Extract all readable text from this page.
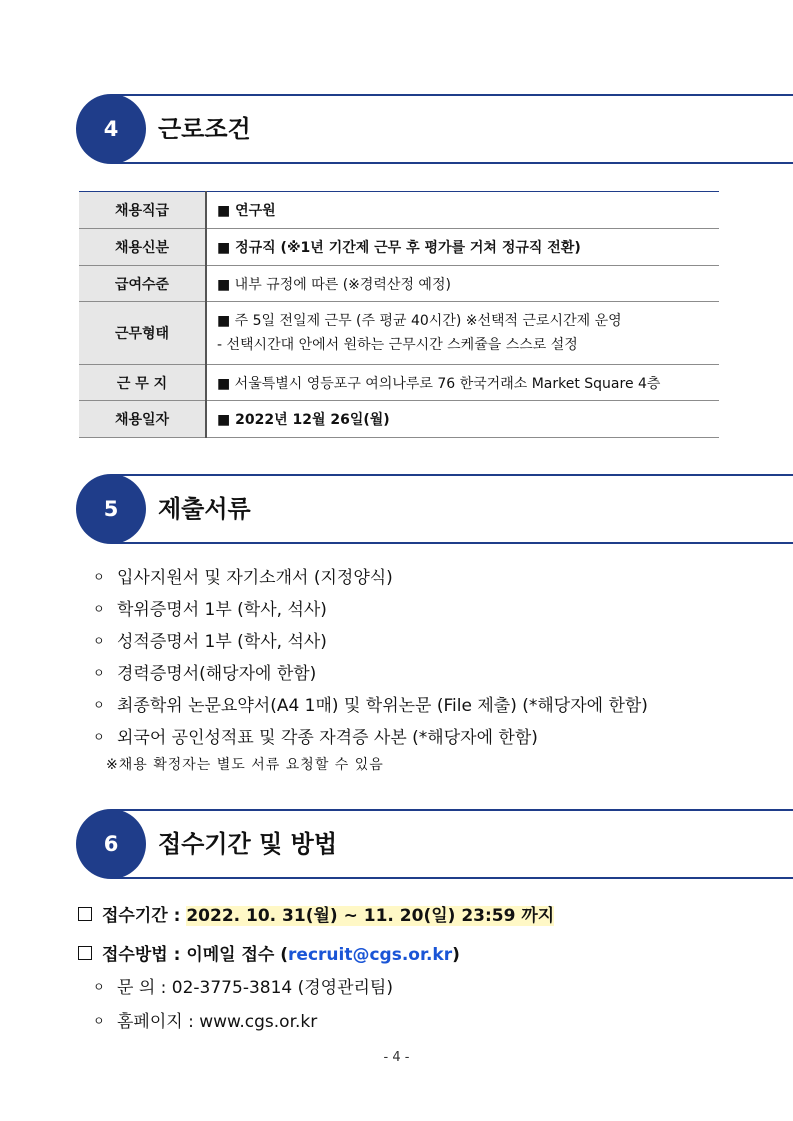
4	근로조건
채용직급	■ 연구원
채용신분	■ 정규직 (※1년 기간제 근무 후 평가를 거쳐 정규직 전환)
급여수준	■ 내부 규정에 따른 (※경력산정 예정)
근무형태	■ 주 5일 전일제 근무 (주 평균 40시간) ※선택적 근로시간제 운영
- 선택시간대 안에서 원하는 근무시간 스케쥴을 스스로 설정

근 무 지	■ 서울특별시 영등포구 여의나루로 76 한국거래소 Market Square 4층
채용일자	■ 2022년 12월 26일(월)
5	제출서류
ㅇ 입사지원서 및 자기소개서 (지정양식)
ㅇ 학위증명서 1부 (학사, 석사)
ㅇ 성적증명서 1부 (학사, 석사)
ㅇ 경력증명서(해당자에 한함)
ㅇ 최종학위 논문요약서(A4 1매) 및 학위논문 (File 제출) (*해당자에 한함)
ㅇ 외국어 공인성적표 및 각종 자격증 사본 (*해당자에 한함)
※채용 확정자는 별도 서류 요청할 수 있음
6	접수기간 및 방법
접수기간 : 2022. 10. 31(월) ~ 11. 20(일) 23:59 까지
접수방법 : 이메일 접수 (recruit@cgs.or.kr)
ㅇ 문 의 : 02-3775-3814 (경영관리팀)
ㅇ 홈페이지 : www.cgs.or.kr
- 4 -
